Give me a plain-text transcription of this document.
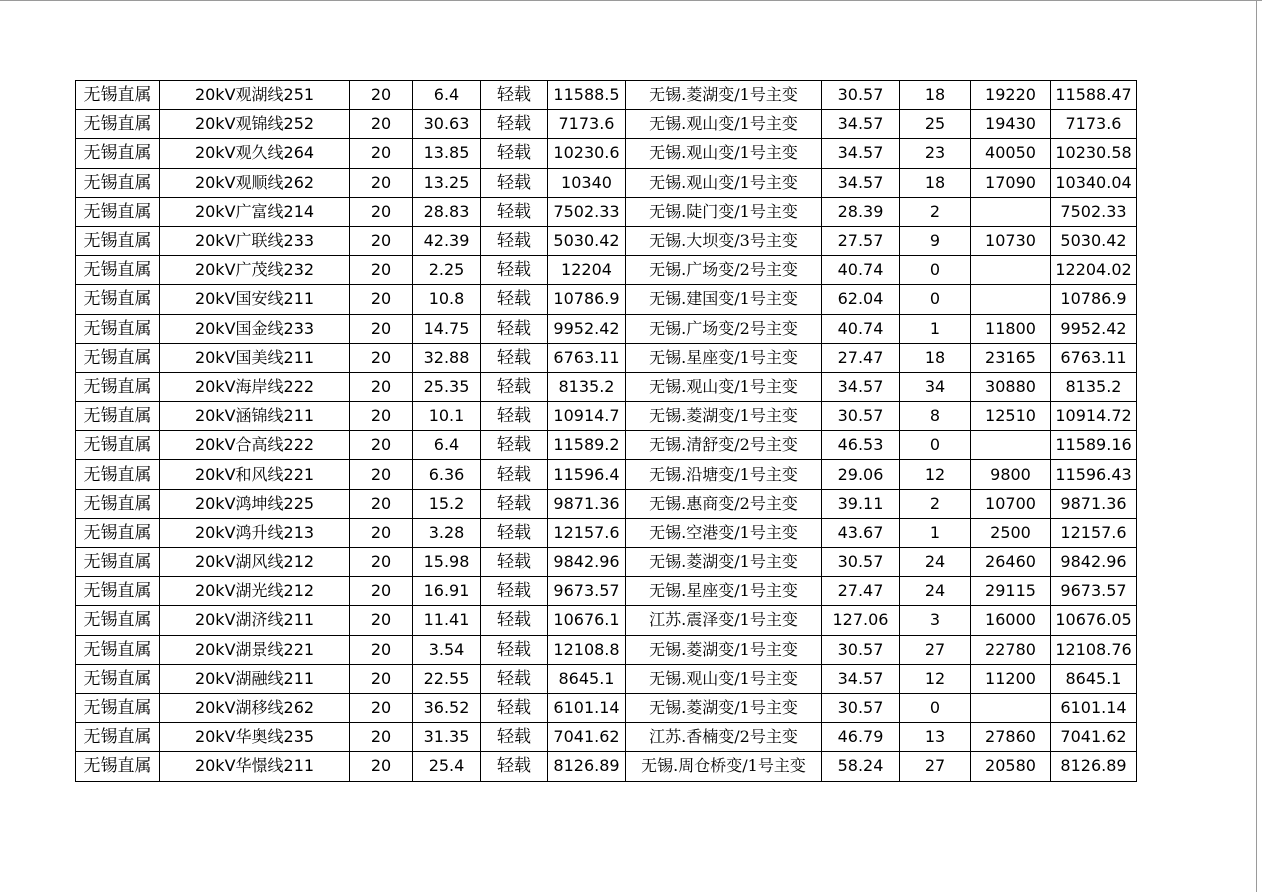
无锡直属	20kV观湖线251	20	6.4	轻载	11588.5	无锡.菱湖变/1号主变	30.57	18	19220	11588.47
无锡直属	20kV观锦线252	20	30.63	轻载	7173.6	无锡.观山变/1号主变	34.57	25	19430	7173.6
无锡直属	20kV观久线264	20	13.85	轻载	10230.6	无锡.观山变/1号主变	34.57	23	40050	10230.58
无锡直属	20kV观顺线262	20	13.25	轻载	10340	无锡.观山变/1号主变	34.57	18	17090	10340.04
无锡直属	20kV广富线214	20	28.83	轻载	7502.33	无锡.陡门变/1号主变	28.39	2		7502.33
无锡直属	20kV广联线233	20	42.39	轻载	5030.42	无锡.大坝变/3号主变	27.57	9	10730	5030.42
无锡直属	20kV广茂线232	20	2.25	轻载	12204	无锡.广场变/2号主变	40.74	0		12204.02
无锡直属	20kV国安线211	20	10.8	轻载	10786.9	无锡.建国变/1号主变	62.04	0		10786.9
无锡直属	20kV国金线233	20	14.75	轻载	9952.42	无锡.广场变/2号主变	40.74	1	11800	9952.42
无锡直属	20kV国美线211	20	32.88	轻载	6763.11	无锡.星座变/1号主变	27.47	18	23165	6763.11
无锡直属	20kV海岸线222	20	25.35	轻载	8135.2	无锡.观山变/1号主变	34.57	34	30880	8135.2
无锡直属	20kV涵锦线211	20	10.1	轻载	10914.7	无锡.菱湖变/1号主变	30.57	8	12510	10914.72
无锡直属	20kV合高线222	20	6.4	轻载	11589.2	无锡.清舒变/2号主变	46.53	0		11589.16
无锡直属	20kV和风线221	20	6.36	轻载	11596.4	无锡.沿塘变/1号主变	29.06	12	9800	11596.43
无锡直属	20kV鸿坤线225	20	15.2	轻载	9871.36	无锡.惠商变/2号主变	39.11	2	10700	9871.36
无锡直属	20kV鸿升线213	20	3.28	轻载	12157.6	无锡.空港变/1号主变	43.67	1	2500	12157.6
无锡直属	20kV湖风线212	20	15.98	轻载	9842.96	无锡.菱湖变/1号主变	30.57	24	26460	9842.96
无锡直属	20kV湖光线212	20	16.91	轻载	9673.57	无锡.星座变/1号主变	27.47	24	29115	9673.57
无锡直属	20kV湖济线211	20	11.41	轻载	10676.1	江苏.震泽变/1号主变	127.06	3	16000	10676.05
无锡直属	20kV湖景线221	20	3.54	轻载	12108.8	无锡.菱湖变/1号主变	30.57	27	22780	12108.76
无锡直属	20kV湖融线211	20	22.55	轻载	8645.1	无锡.观山变/1号主变	34.57	12	11200	8645.1
无锡直属	20kV湖移线262	20	36.52	轻载	6101.14	无锡.菱湖变/1号主变	30.57	0		6101.14
无锡直属	20kV华奥线235	20	31.35	轻载	7041.62	江苏.香楠变/2号主变	46.79	13	27860	7041.62
无锡直属	20kV华憬线211	20	25.4	轻载	8126.89	无锡.周仓桥变/1号主变	58.24	27	20580	8126.89
